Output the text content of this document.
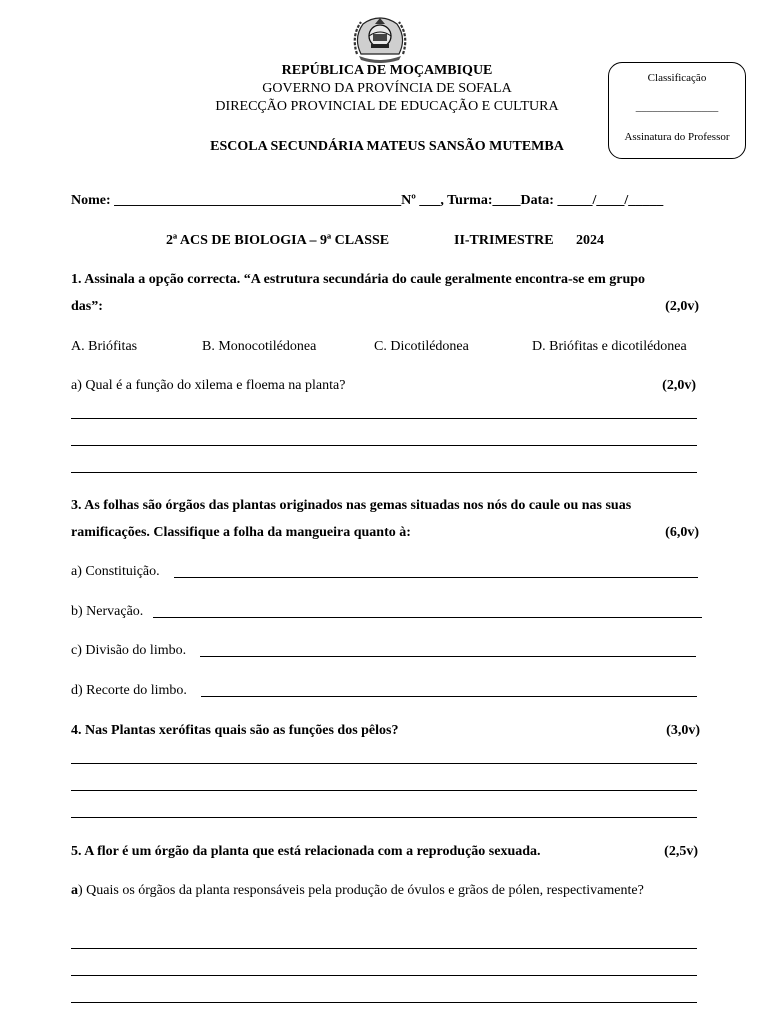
REPÚBLICA DE MOÇAMBIQUE
GOVERNO DA PROVÍNCIA DE SOFALA
DIRECÇÃO PROVINCIAL DE EDUCAÇÃO E CULTURA
ESCOLA SECUNDÁRIA MATEUS SANSÃO MUTEMBA
Classificação
_______________
Assinatura do Professor
Nome: _________________________________________Nº ___, Turma:____Data: _____/____/_____
2ª ACS DE BIOLOGIA – 9ª CLASSE	II-TRIMESTRE 2024
1. Assinala a opção correcta. “A estrutura secundária do caule geralmente encontra-se em grupo
das”:	(2,0v)
A. Briófitas	B. Monocotilédonea	C. Dicotilédonea	D. Briófitas e dicotilédonea
a) Qual é a função do xilema e floema na planta?	(2,0v)
3. As folhas são órgãos das plantas originados nas gemas situadas nos nós do caule ou nas suas
ramificações. Classifique a folha da mangueira quanto à:	(6,0v)
a) Constituição.
b) Nervação.
c) Divisão do limbo.
d) Recorte do limbo.
4. Nas Plantas xerófitas quais são as funções dos pêlos?	(3,0v)
5. A flor é um órgão da planta que está relacionada com a reprodução sexuada.	(2,5v)
a) Quais os órgãos da planta responsáveis pela produção de óvulos e grãos de pólen, respectivamente?
